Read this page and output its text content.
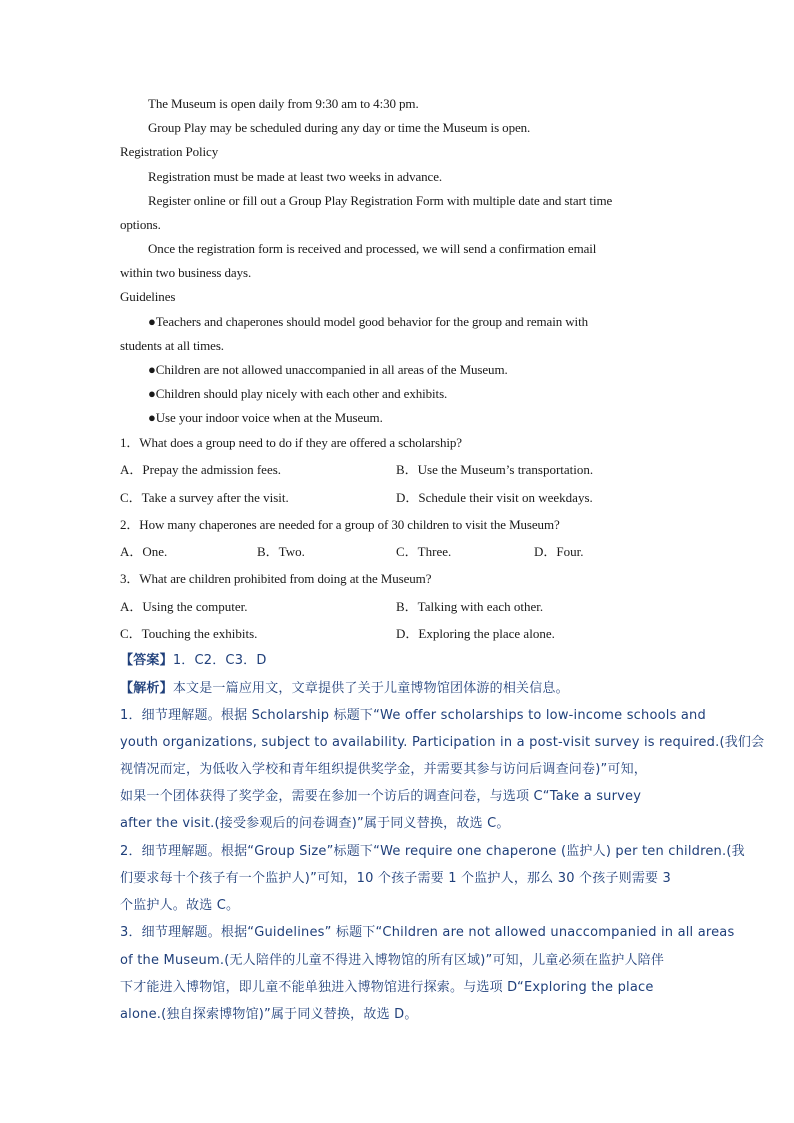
The Museum is open daily from 9:30 am to 4:30 pm.
Group Play may be scheduled during any day or time the Museum is open.
Registration Policy
Registration must be made at least two weeks in advance.
Register online or fill out a Group Play Registration Form with multiple date and start time
options.
Once the registration form is received and processed, we will send a confirmation email
within two business days.
Guidelines
●Teachers and chaperones should model good behavior for the group and remain with
students at all times.
●Children are not allowed unaccompanied in all areas of the Museum.
●Children should play nicely with each other and exhibits.
●Use your indoor voice when at the Museum.
1．What does a group need to do if they are offered a scholarship?
A．Prepay the admission fees.	B．Use the Museum’s transportation.
C．Take a survey after the visit.	D．Schedule their visit on weekdays.
2．How many chaperones are needed for a group of 30 children to visit the Museum?
A．One.	B．Two.	C．Three.	D．Four.
3．What are children prohibited from doing at the Museum?
A．Using the computer.	B．Talking with each other.
C．Touching the exhibits.	D．Exploring the place alone.
【答案】1．C2．C3．D
【解析】本文是一篇应用文，文章提供了关于儿童博物馆团体游的相关信息。
1．细节理解题。根据 Scholarship 标题下“We offer scholarships to low-income schools and
youth organizations, subject to availability. Participation in a post-visit survey is required.(我们会
视情况而定，为低收入学校和青年组织提供奖学金，并需要其参与访问后调查问卷)”可知，
如果一个团体获得了奖学金，需要在参加一个访后的调查问卷，与选项 C“Take a survey
after the visit.(接受参观后的问卷调查)”属于同义替换，故选 C。
2．细节理解题。根据“Group Size”标题下“We require one chaperone (监护人) per ten children.(我
们要求每十个孩子有一个监护人)”可知，10 个孩子需要 1 个监护人，那么 30 个孩子则需要 3
个监护人。故选 C。
3．细节理解题。根据“Guidelines” 标题下“Children are not allowed unaccompanied in all areas
of the Museum.(无人陪伴的儿童不得进入博物馆的所有区域)”可知，儿童必须在监护人陪伴
下才能进入博物馆，即儿童不能单独进入博物馆进行探索。与选项 D“Exploring the place
alone.(独自探索博物馆)”属于同义替换，故选 D。
